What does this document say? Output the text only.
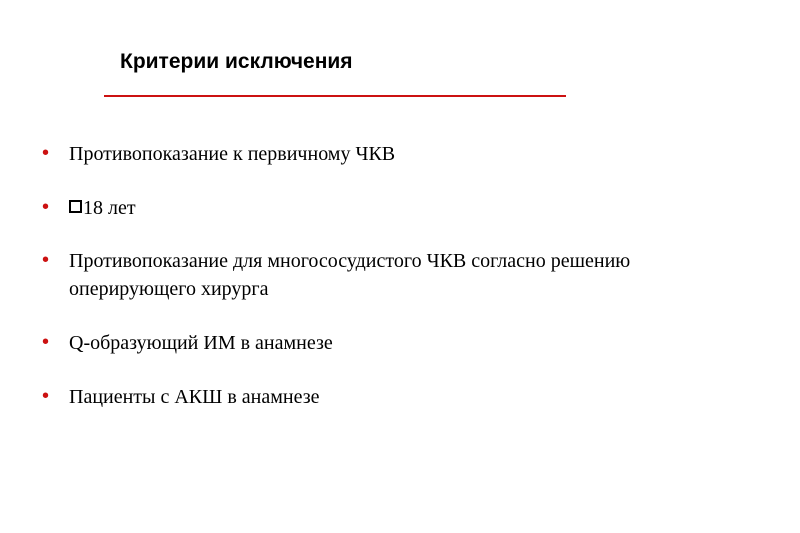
Критерии исключения
• Противопоказание к первичному ЧКВ
•	18 лет
• Противопоказание для многососудистого ЧКВ согласно решению оперирующего хирурга
• Q-образующий ИМ в анамнезе
• Пациенты с АКШ в анамнезе
